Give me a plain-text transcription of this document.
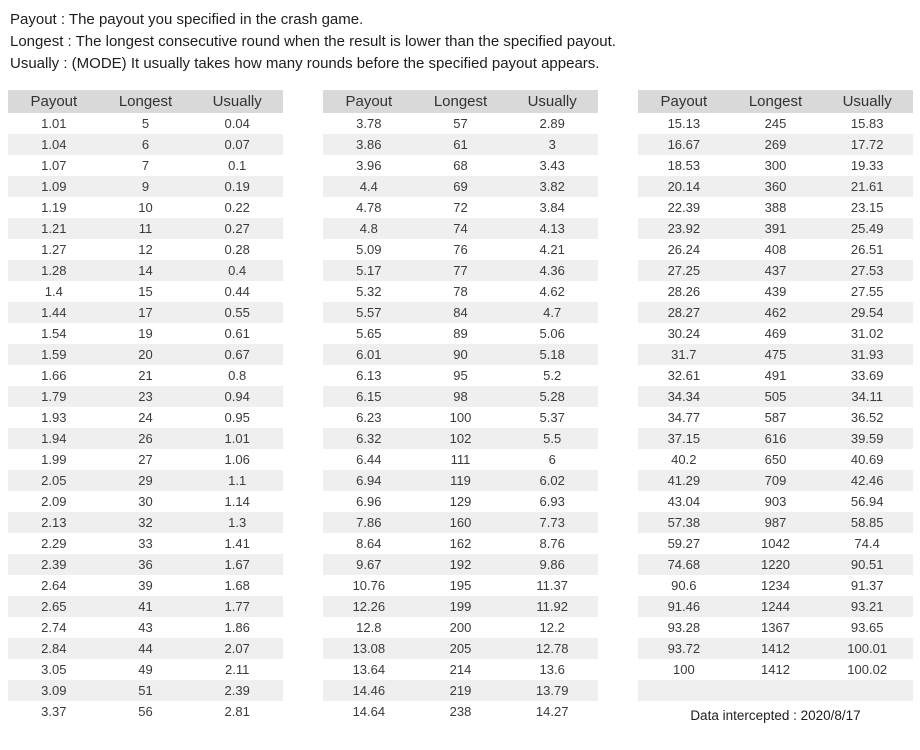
Payout : The payout you specified in the crash game.
Longest : The longest consecutive round when the result is lower than the specified payout.
Usually : (MODE) It usually takes how many rounds before the specified payout appears.
Payout	Longest	Usually
1.01	5	0.04
1.04	6	0.07
1.07	7	0.1
1.09	9	0.19
1.19	10	0.22
1.21	11	0.27
1.27	12	0.28
1.28	14	0.4
1.4	15	0.44
1.44	17	0.55
1.54	19	0.61
1.59	20	0.67
1.66	21	0.8
1.79	23	0.94
1.93	24	0.95
1.94	26	1.01
1.99	27	1.06
2.05	29	1.1
2.09	30	1.14
2.13	32	1.3
2.29	33	1.41
2.39	36	1.67
2.64	39	1.68
2.65	41	1.77
2.74	43	1.86
2.84	44	2.07
3.05	49	2.11
3.09	51	2.39
3.37	56	2.81
Payout	Longest	Usually
3.78	57	2.89
3.86	61	3
3.96	68	3.43
4.4	69	3.82
4.78	72	3.84
4.8	74	4.13
5.09	76	4.21
5.17	77	4.36
5.32	78	4.62
5.57	84	4.7
5.65	89	5.06
6.01	90	5.18
6.13	95	5.2
6.15	98	5.28
6.23	100	5.37
6.32	102	5.5
6.44	111	6
6.94	119	6.02
6.96	129	6.93
7.86	160	7.73
8.64	162	8.76
9.67	192	9.86
10.76	195	11.37
12.26	199	11.92
12.8	200	12.2
13.08	205	12.78
13.64	214	13.6
14.46	219	13.79
14.64	238	14.27
Payout	Longest	Usually
15.13	245	15.83
16.67	269	17.72
18.53	300	19.33
20.14	360	21.61
22.39	388	23.15
23.92	391	25.49
26.24	408	26.51
27.25	437	27.53
28.26	439	27.55
28.27	462	29.54
30.24	469	31.02
31.7	475	31.93
32.61	491	33.69
34.34	505	34.11
34.77	587	36.52
37.15	616	39.59
40.2	650	40.69
41.29	709	42.46
43.04	903	56.94
57.38	987	58.85
59.27	1042	74.4
74.68	1220	90.51
90.6	1234	91.37
91.46	1244	93.21
93.28	1367	93.65
93.72	1412	100.01
100	1412	100.02
Data intercepted : 2020/8/17
